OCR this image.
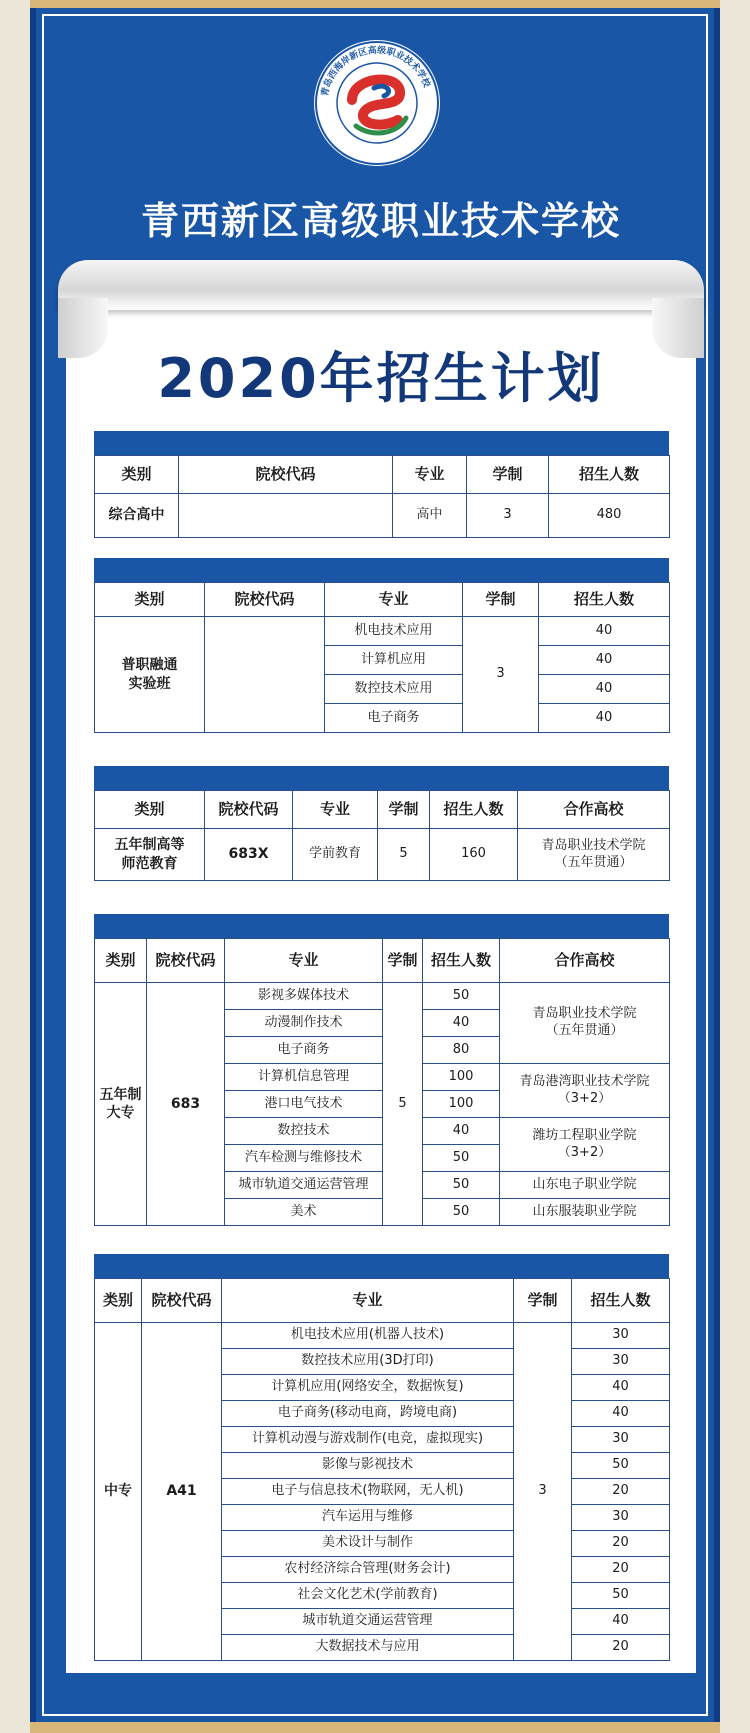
青岛西海岸新区高级职业技术学校
青西新区高级职业技术学校
2020年招生计划
类别	院校代码	专业	学制	招生人数
综合高中		高中	3	480
类别	院校代码	专业	学制	招生人数
普职融通
实验班		机电技术应用	3	40
		计算机应用		40
		数控技术应用		40
		电子商务		40
类别	院校代码	专业	学制	招生人数	合作高校
五年制高等
师范教育	683X	学前教育	5	160	青岛职业技术学院
（五年贯通）
类别	院校代码	专业	学制	招生人数	合作高校
五年制
大专	683	影视多媒体技术	5	50	青岛职业技术学院
（五年贯通）
		动漫制作技术		40	
		电子商务		80	
		计算机信息管理		100	青岛港湾职业技术学院
（3+2）
		港口电气技术		100	
		数控技术		40	潍坊工程职业学院
（3+2）
		汽车检测与维修技术		50	
		城市轨道交通运营管理		50	山东电子职业学院
		美术		50	山东服装职业学院
类别	院校代码	专业	学制	招生人数
中专	A41	机电技术应用(机器人技术)	3	30
		数控技术应用(3D打印)		30
		计算机应用(网络安全，数据恢复)		40
		电子商务(移动电商，跨境电商)		40
		计算机动漫与游戏制作(电竞，虚拟现实)		30
		影像与影视技术		50
		电子与信息技术(物联网，无人机)		20
		汽车运用与维修		30
		美术设计与制作		20
		农村经济综合管理(财务会计)		20
		社会文化艺术(学前教育)		50
		城市轨道交通运营管理		40
		大数据技术与应用		20
